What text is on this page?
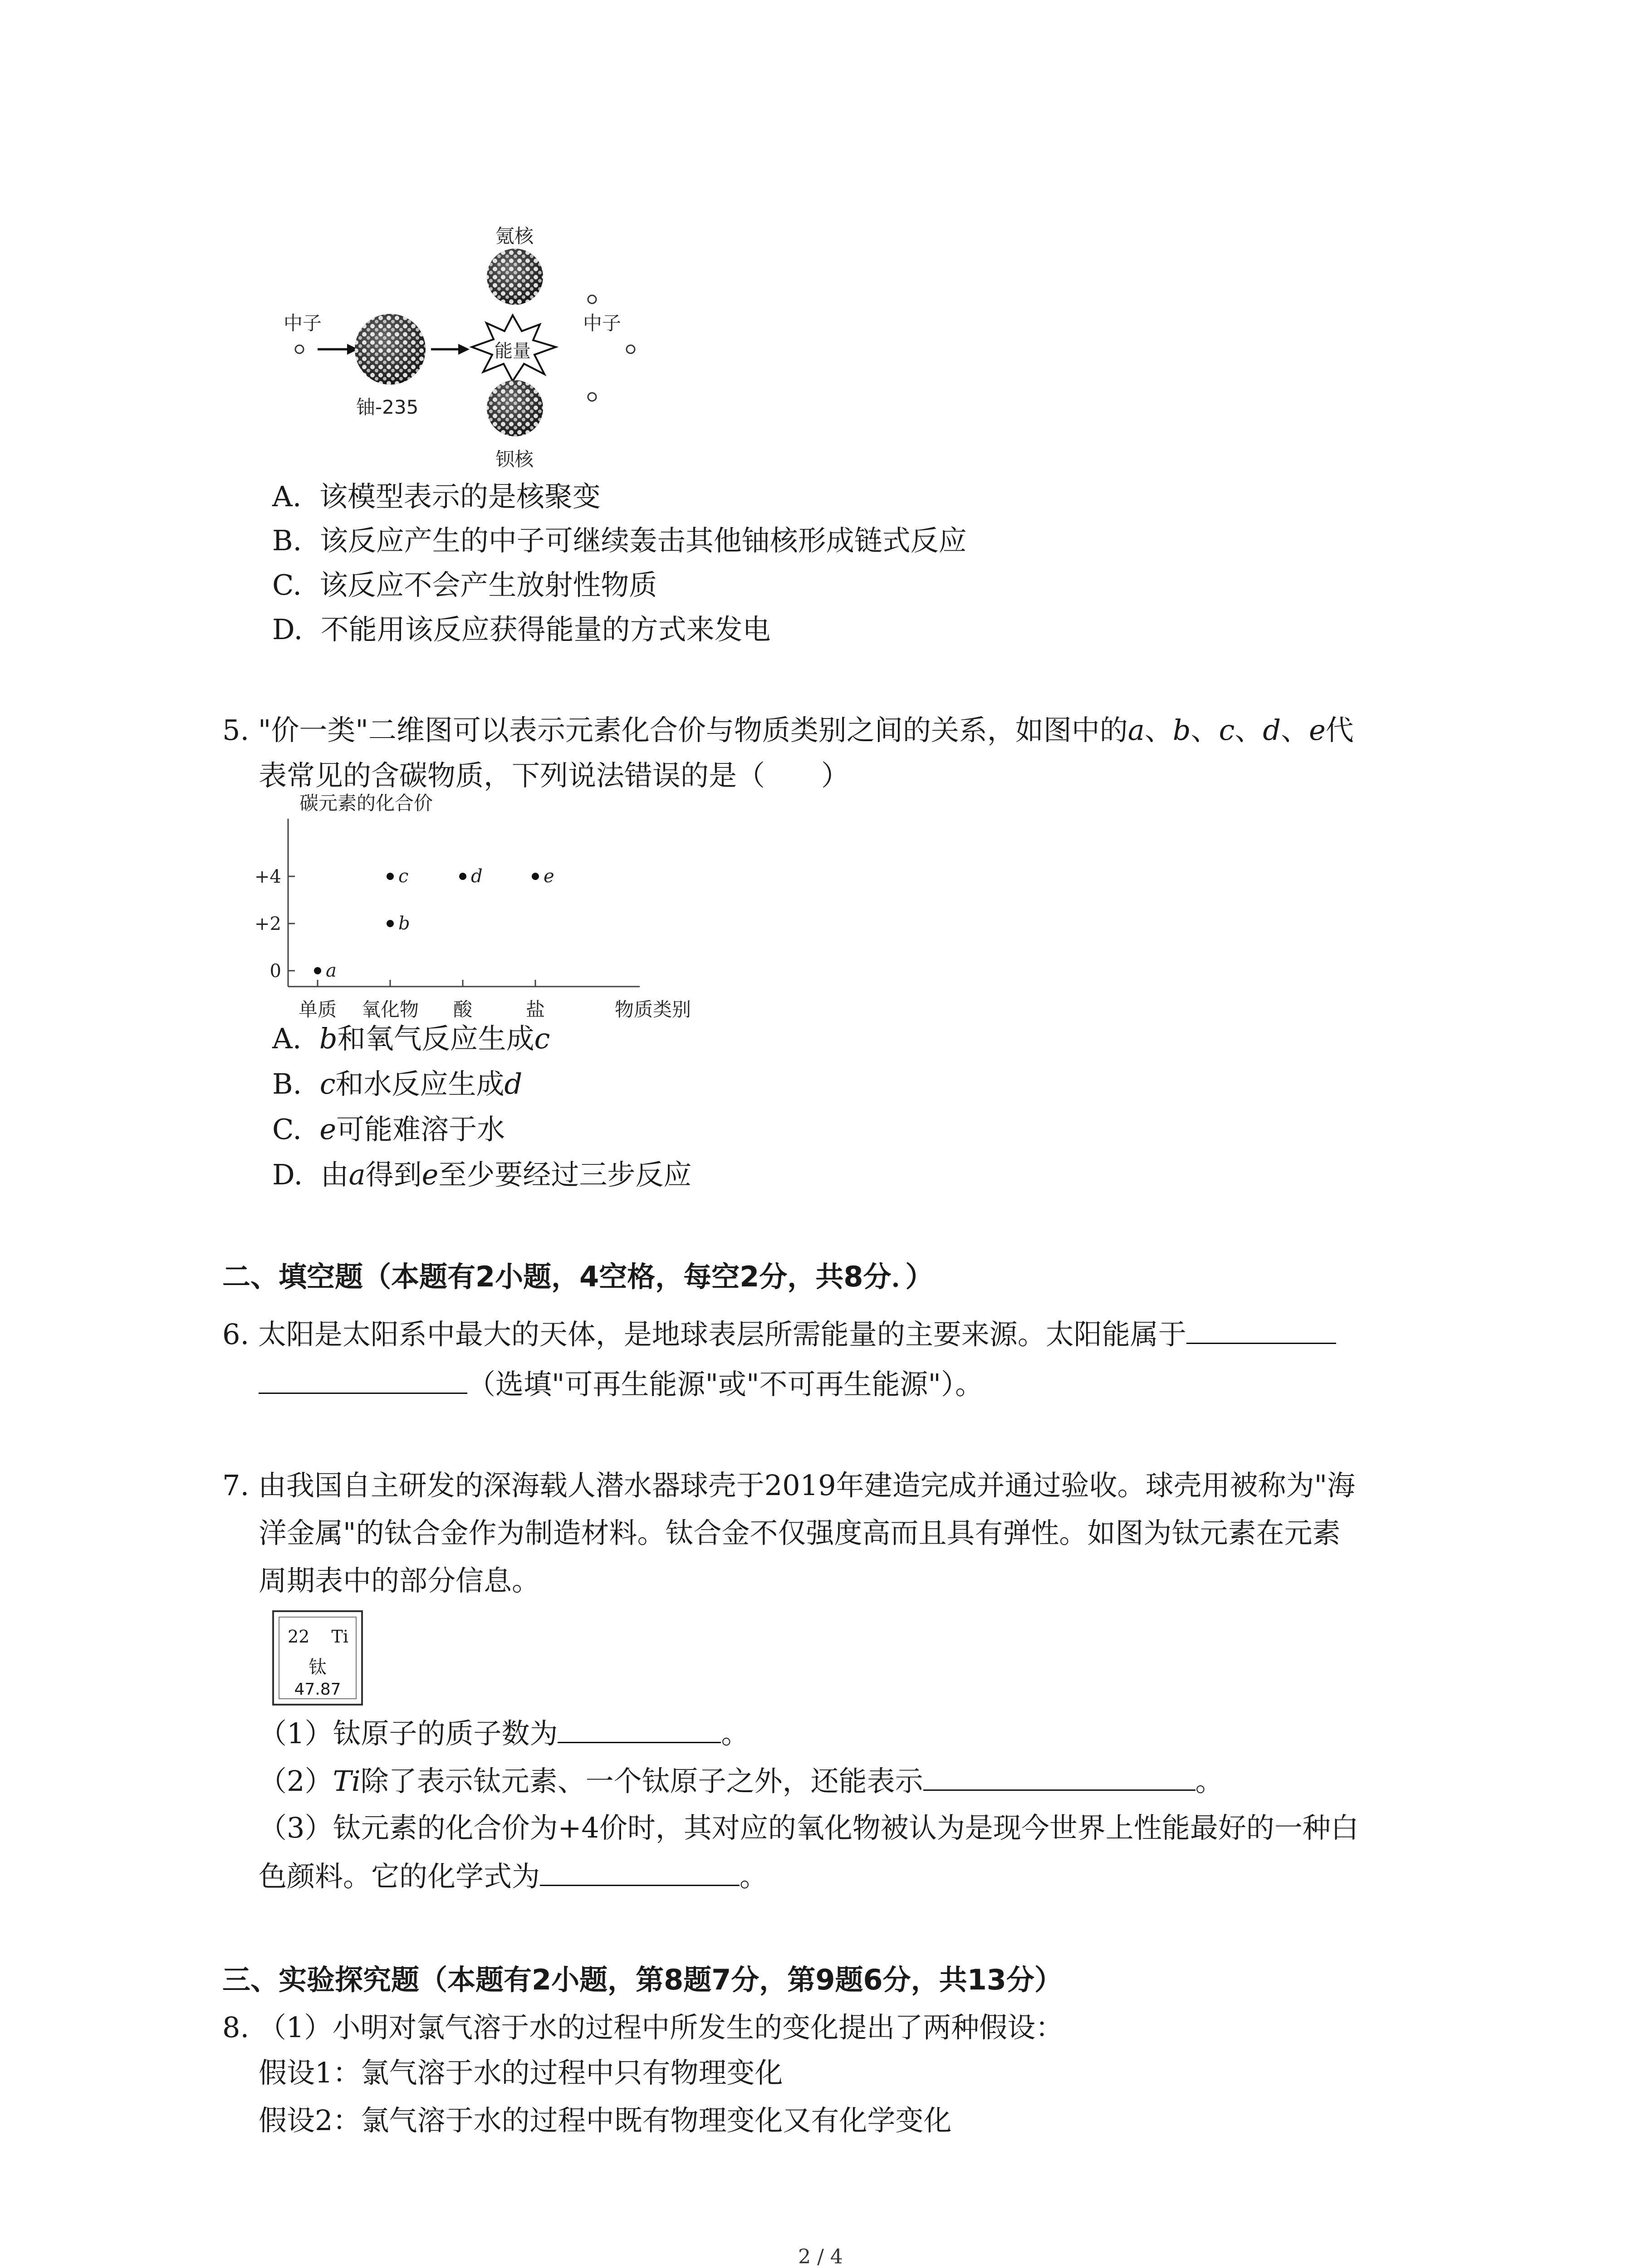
中子
铀-235
能量
氪核
钡核
中子
A. 该模型表示的是核聚变
B. 该反应产生的中子可继续轰击其他铀核形成链式反应
C. 该反应不会产生放射性物质
D. 不能用该反应获得能量的方式来发电
5. "价一类"二维图可以表示元素化合价与物质类别之间的关系，如图中的a、b、c、d、e代
表常见的含碳物质，下列说法错误的是（　　）
碳元素的化合价
+4
+2
0
单质 氧化物 酸	盐
a
b
c	d	e
物质类别
A. b和氧气反应生成c
B. c和水反应生成d
C. e可能难溶于水
D. 由a得到e至少要经过三步反应
二、填空题（本题有2小题，4空格，每空2分，共8分．）
6. 太阳是太阳系中最大的天体，是地球表层所需能量的主要来源。太阳能属于
（选填"可再生能源"或"不可再生能源"）。
7. 由我国自主研发的深海载人潜水器球壳于2019年建造完成并通过验收。球壳用被称为"海
洋金属"的钛合金作为制造材料。钛合金不仅强度高而且具有弹性。如图为钛元素在元素
周期表中的部分信息。
22 Ti
钛
47.87
（1）钛原子的质子数为	。
（2）Ti除了表示钛元素、一个钛原子之外，还能表示	。
（3）钛元素的化合价为+4价时，其对应的氧化物被认为是现今世界上性能最好的一种白
色颜料。它的化学式为	。
三、实验探究题（本题有2小题，第8题7分，第9题6分，共13分）
8. （1）小明对氯气溶于水的过程中所发生的变化提出了两种假设：
假设1：氯气溶于水的过程中只有物理变化
假设2：氯气溶于水的过程中既有物理变化又有化学变化
2 / 4
